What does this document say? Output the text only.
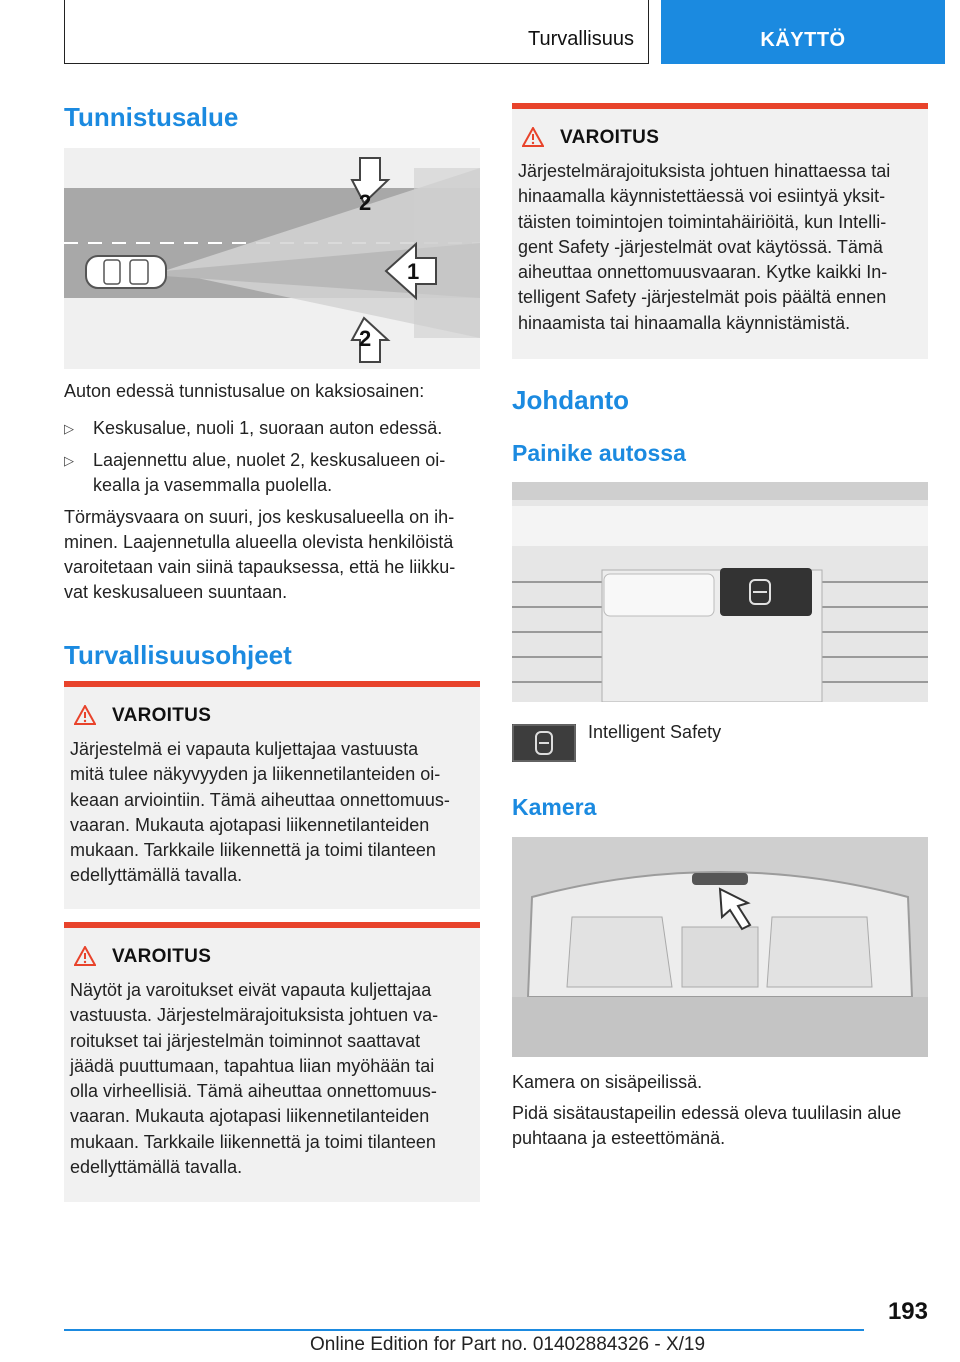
Turvallisuus	KÄYTTÖ
Tunnistusalue
1
2
2
Auton edessä tunnistusalue on kaksiosainen:
▷ Keskusalue, nuoli 1, suoraan auton edessä.
▷ Laajennettu alue, nuolet 2, keskusalueen oi-
kealla ja vasemmalla puolella.
Törmäysvaara on suuri, jos keskusalueella on ih-
minen. Laajennetulla alueella olevista henkilöistä
varoitetaan vain siinä tapauksessa, että he liikku-
vat keskusalueen suuntaan.
Turvallisuusohjeet
VAROITUS
Järjestelmä ei vapauta kuljettajaa vastuusta
mitä tulee näkyvyyden ja liikennetilanteiden oi-
keaan arviointiin. Tämä aiheuttaa onnettomuus-
vaaran. Mukauta ajotapasi liikennetilanteiden
mukaan. Tarkkaile liikennettä ja toimi tilanteen
edellyttämällä tavalla.
VAROITUS
Näytöt ja varoitukset eivät vapauta kuljettajaa
vastuusta. Järjestelmärajoituksista johtuen va-
roitukset tai järjestelmän toiminnot saattavat
jäädä puuttumaan, tapahtua liian myöhään tai
olla virheellisiä. Tämä aiheuttaa onnettomuus-
vaaran. Mukauta ajotapasi liikennetilanteiden
mukaan. Tarkkaile liikennettä ja toimi tilanteen
edellyttämällä tavalla.
VAROITUS
Järjestelmärajoituksista johtuen hinattaessa tai
hinaamalla käynnistettäessä voi esiintyä yksit-
täisten toimintojen toimintahäiriöitä, kun Intelli-
gent Safety -järjestelmät ovat käytössä. Tämä
aiheuttaa onnettomuusvaaran. Kytke kaikki In-
telligent Safety -järjestelmät pois päältä ennen
hinaamista tai hinaamalla käynnistämistä.
Johdanto
Painike autossa
Intelligent Safety
Kamera
Kamera on sisäpeilissä.
Pidä sisätaustapeilin edessä oleva tuulilasin alue
puhtaana ja esteettömänä.
193
Online Edition for Part no. 01402884326 - X/19
